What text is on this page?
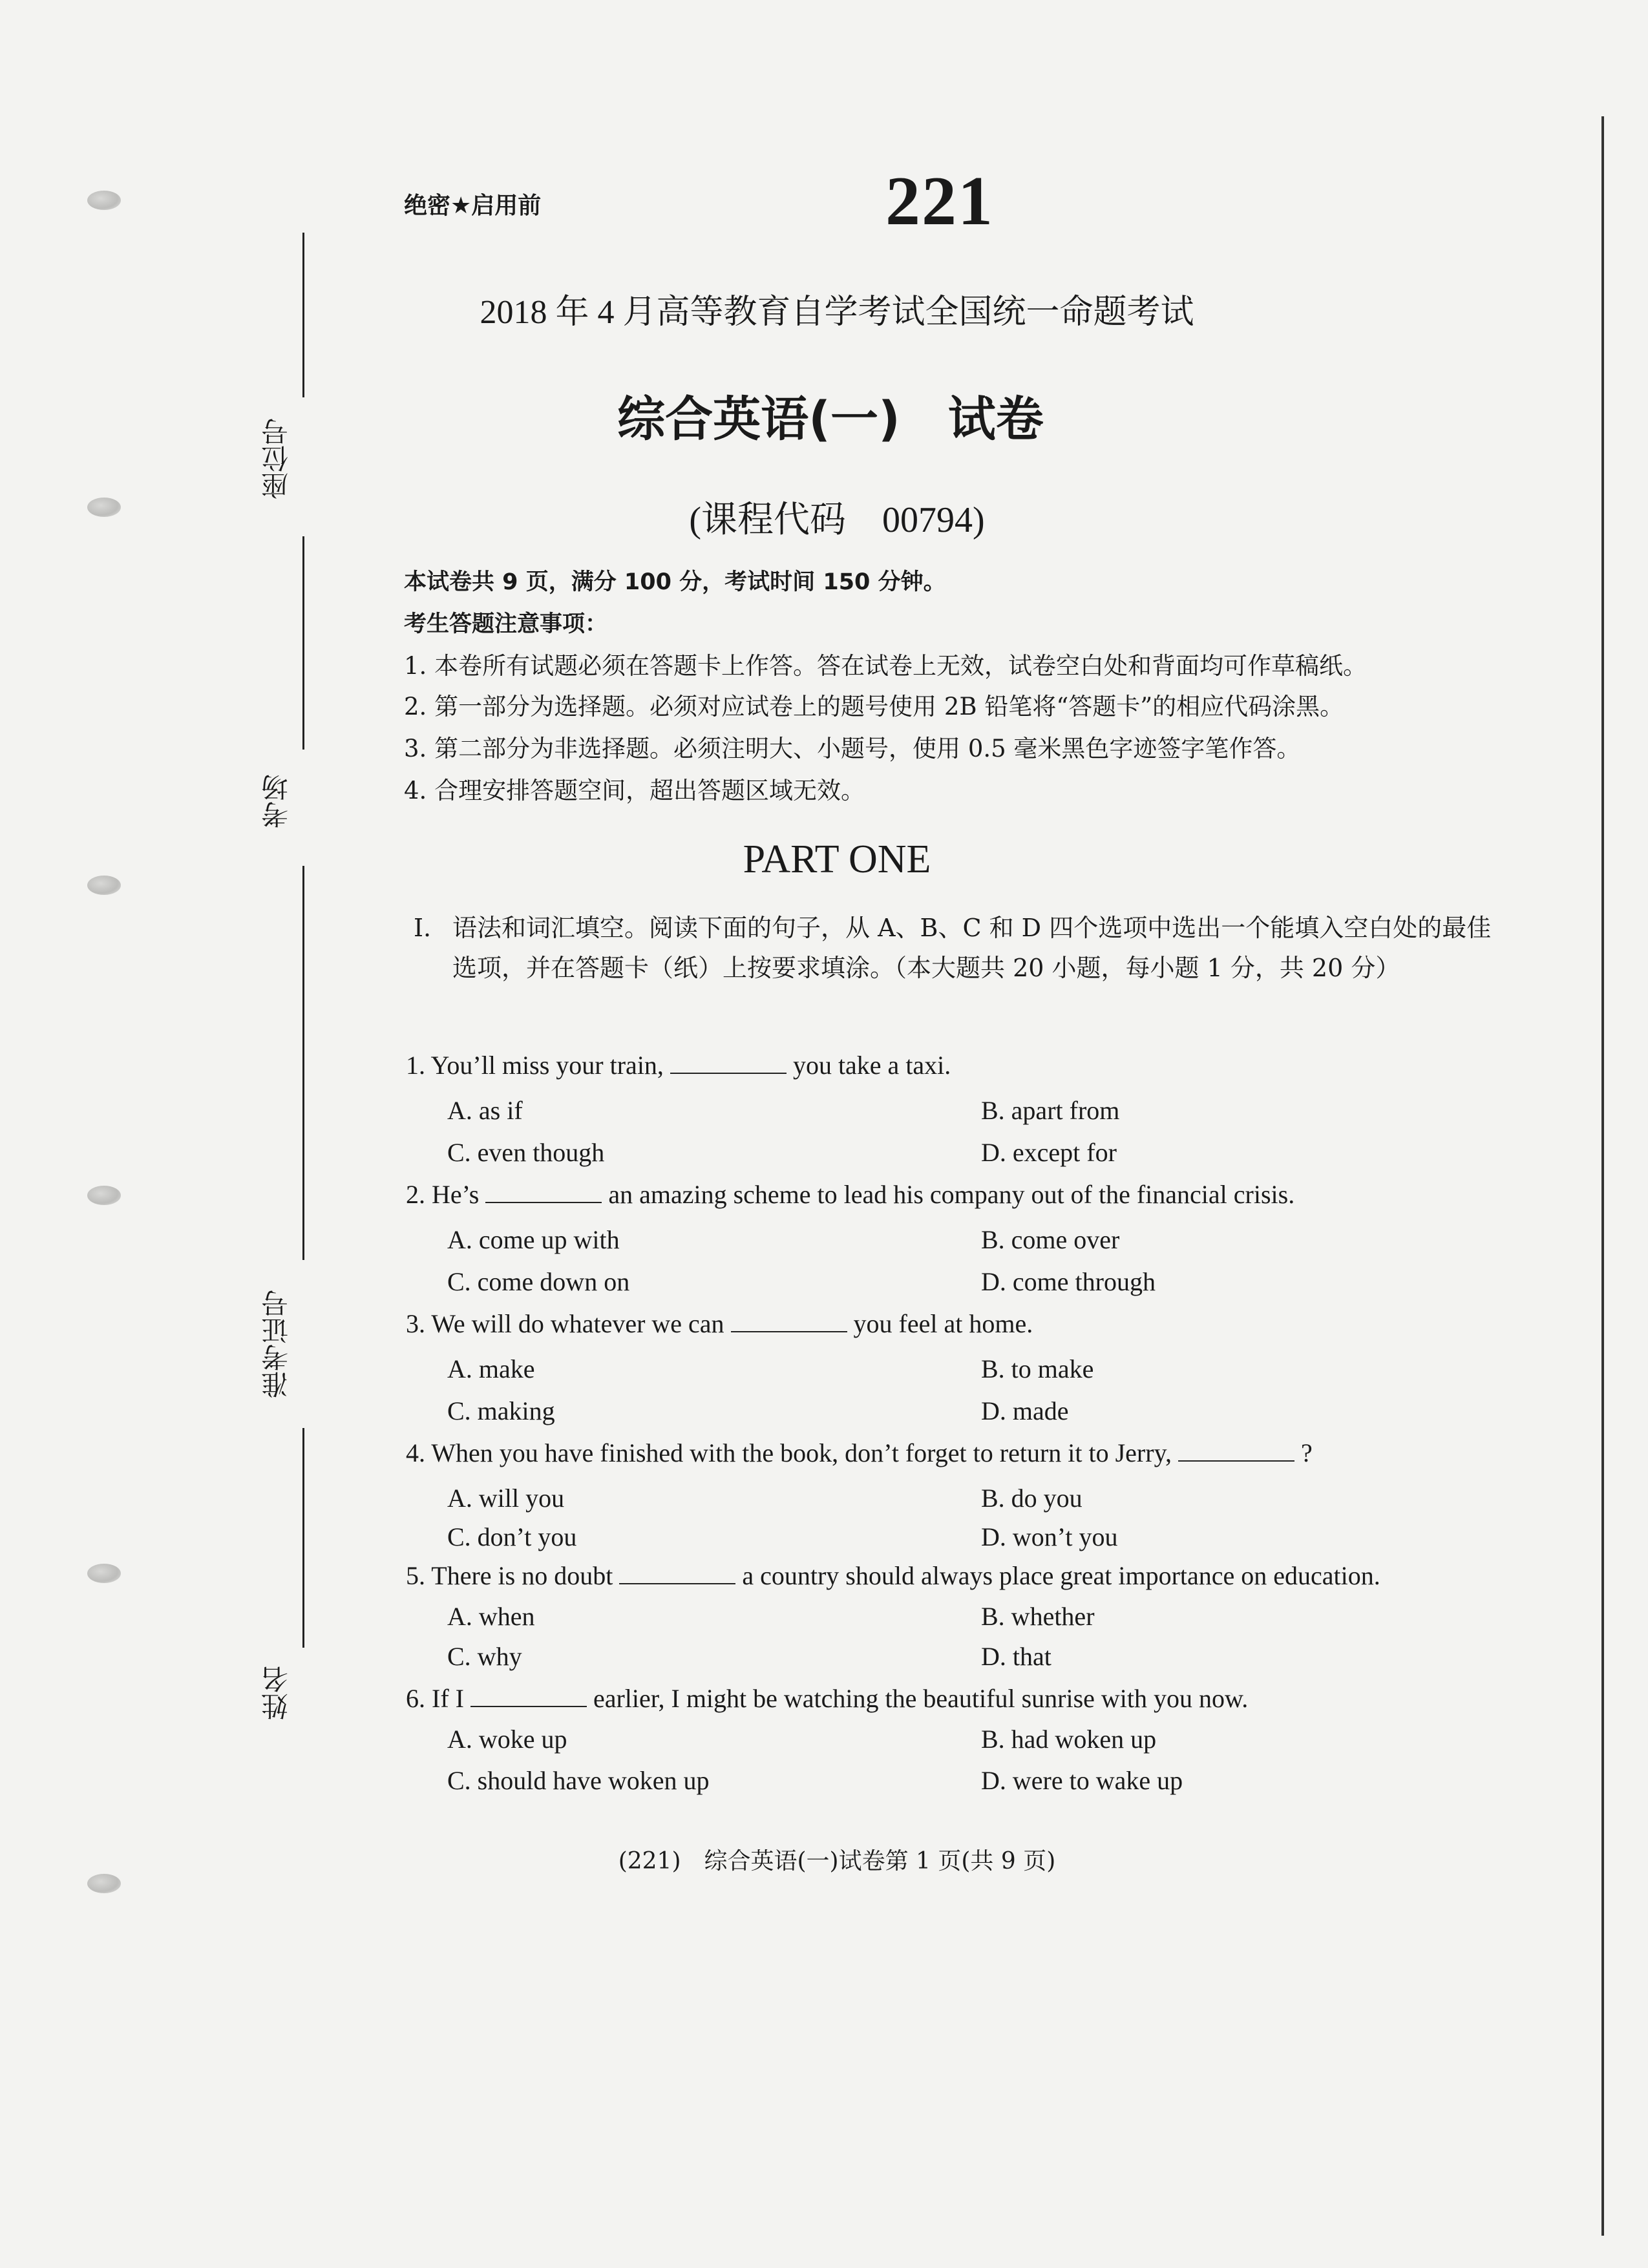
座位号
考场
准考证号
姓名
绝密★启用前	221
2018 年 4 月高等教育自学考试全国统一命题考试
综合英语(一)　试卷
(课程代码　00794)
本试卷共 9 页，满分 100 分，考试时间 150 分钟。
考生答题注意事项：
1. 本卷所有试题必须在答题卡上作答。答在试卷上无效，试卷空白处和背面均可作草稿纸。
2. 第一部分为选择题。必须对应试卷上的题号使用 2B 铅笔将“答题卡”的相应代码涂黑。
3. 第二部分为非选择题。必须注明大、小题号，使用 0.5 毫米黑色字迹签字笔作答。
4. 合理安排答题空间，超出答题区域无效。
PART ONE
I. 语法和词汇填空。阅读下面的句子，从 A、B、C 和 D 四个选项中选出一个能填入空白处的最佳选项，并在答题卡（纸）上按要求填涂。（本大题共 20 小题，每小题 1 分，共 20 分）
1. You’ll miss your train,	you take a taxi.
A. as if	B. apart from
C. even though	D. except for
2. He’s	an amazing scheme to lead his company out of the financial crisis.
A. come up with	B. come over
C. come down on	D. come through
3. We will do whatever we can	you feel at home.
A. make	B. to make
C. making	D. made
4. When you have finished with the book, don’t forget to return it to Jerry,	?
A. will you	B. do you
C. don’t you	D. won’t you
5. There is no doubt	a country should always place great importance on education.
A. when	B. whether
C. why	D. that
6. If I	earlier, I might be watching the beautiful sunrise with you now.
A. woke up	B. had woken up
C. should have woken up	D. were to wake up
(221)　综合英语(一)试卷第 1 页(共 9 页)
